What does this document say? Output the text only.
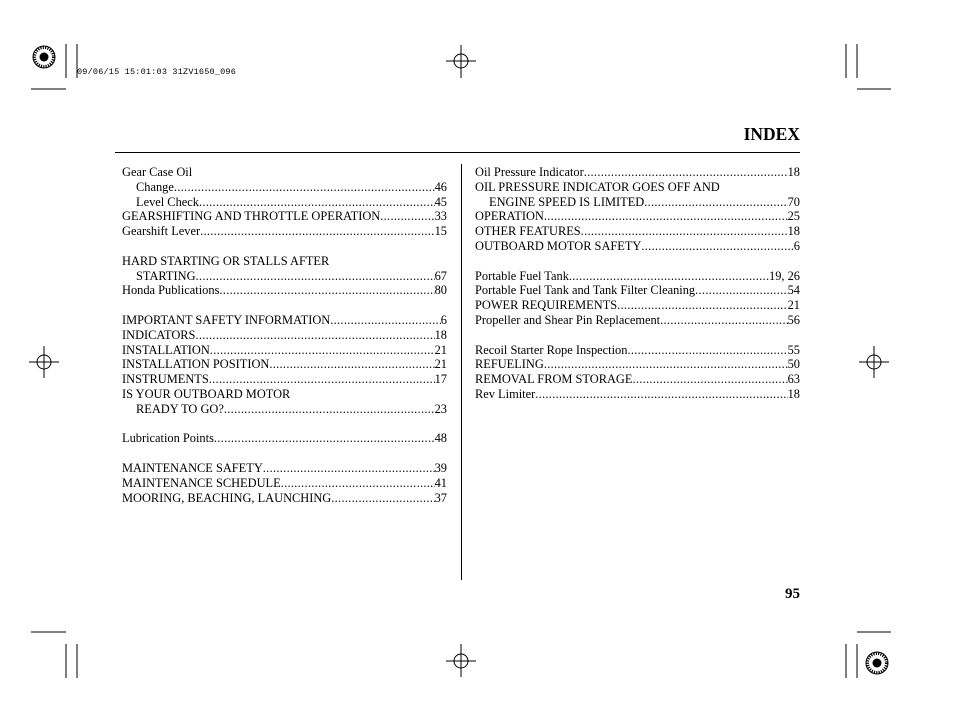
09/06/15 15:01:03 31ZV1650_096
INDEX
Gear Case Oil
Change .....	46
Level Check .....	45
GEARSHIFTING AND THROTTLE OPERATION .....	33
Gearshift Lever .....	15
HARD STARTING OR STALLS AFTER
STARTING .....	67
Honda Publications .....	80
IMPORTANT SAFETY INFORMATION .....	6
INDICATORS .....	18
INSTALLATION .....	21
INSTALLATION POSITION .....	21
INSTRUMENTS .....	17
IS YOUR OUTBOARD MOTOR
READY TO GO? .....	23
Lubrication Points .....	48
MAINTENANCE SAFETY .....	39
MAINTENANCE SCHEDULE .....	41
MOORING, BEACHING, LAUNCHING .....	37
Oil Pressure Indicator .....	18
OIL PRESSURE INDICATOR GOES OFF AND
ENGINE SPEED IS LIMITED .....	70
OPERATION .....	25
OTHER FEATURES .....	18
OUTBOARD MOTOR SAFETY .....	6
Portable Fuel Tank .....	19, 26
Portable Fuel Tank and Tank Filter Cleaning .....	54
POWER REQUIREMENTS .....	21
Propeller and Shear Pin Replacement .....	56
Recoil Starter Rope Inspection .....	55
REFUELING .....	50
REMOVAL FROM STORAGE .....	63
Rev Limiter .....	18
95
